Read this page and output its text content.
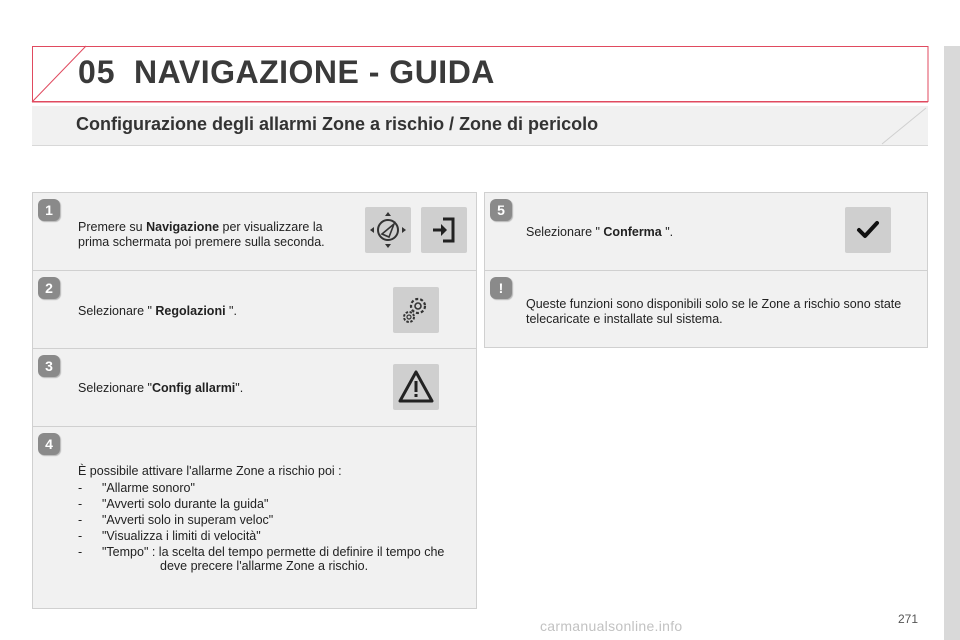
05 NAVIGAZIONE - GUIDA
Configurazione degli allarmi Zone a rischio / Zone di pericolo
1
Premere su Navigazione per visualizzare la prima schermata poi premere sulla seconda.
2
Selezionare " Regolazioni ".
3
Selezionare "Config allarmi".
4
È possibile attivare l'allarme Zone a rischio poi :
- "Allarme sonoro"
- "Avverti solo durante la guida"
- "Avverti solo in superam veloc"
- "Visualizza i limiti di velocità"
- "Tempo" : la scelta del tempo permette di definire il tempo che
deve precere l'allarme Zone a rischio.
5
Selezionare " Conferma ".
!
Queste funzioni sono disponibili solo se le Zone a rischio sono state telecaricate e installate sul sistema.
271
carmanualsonline.info
